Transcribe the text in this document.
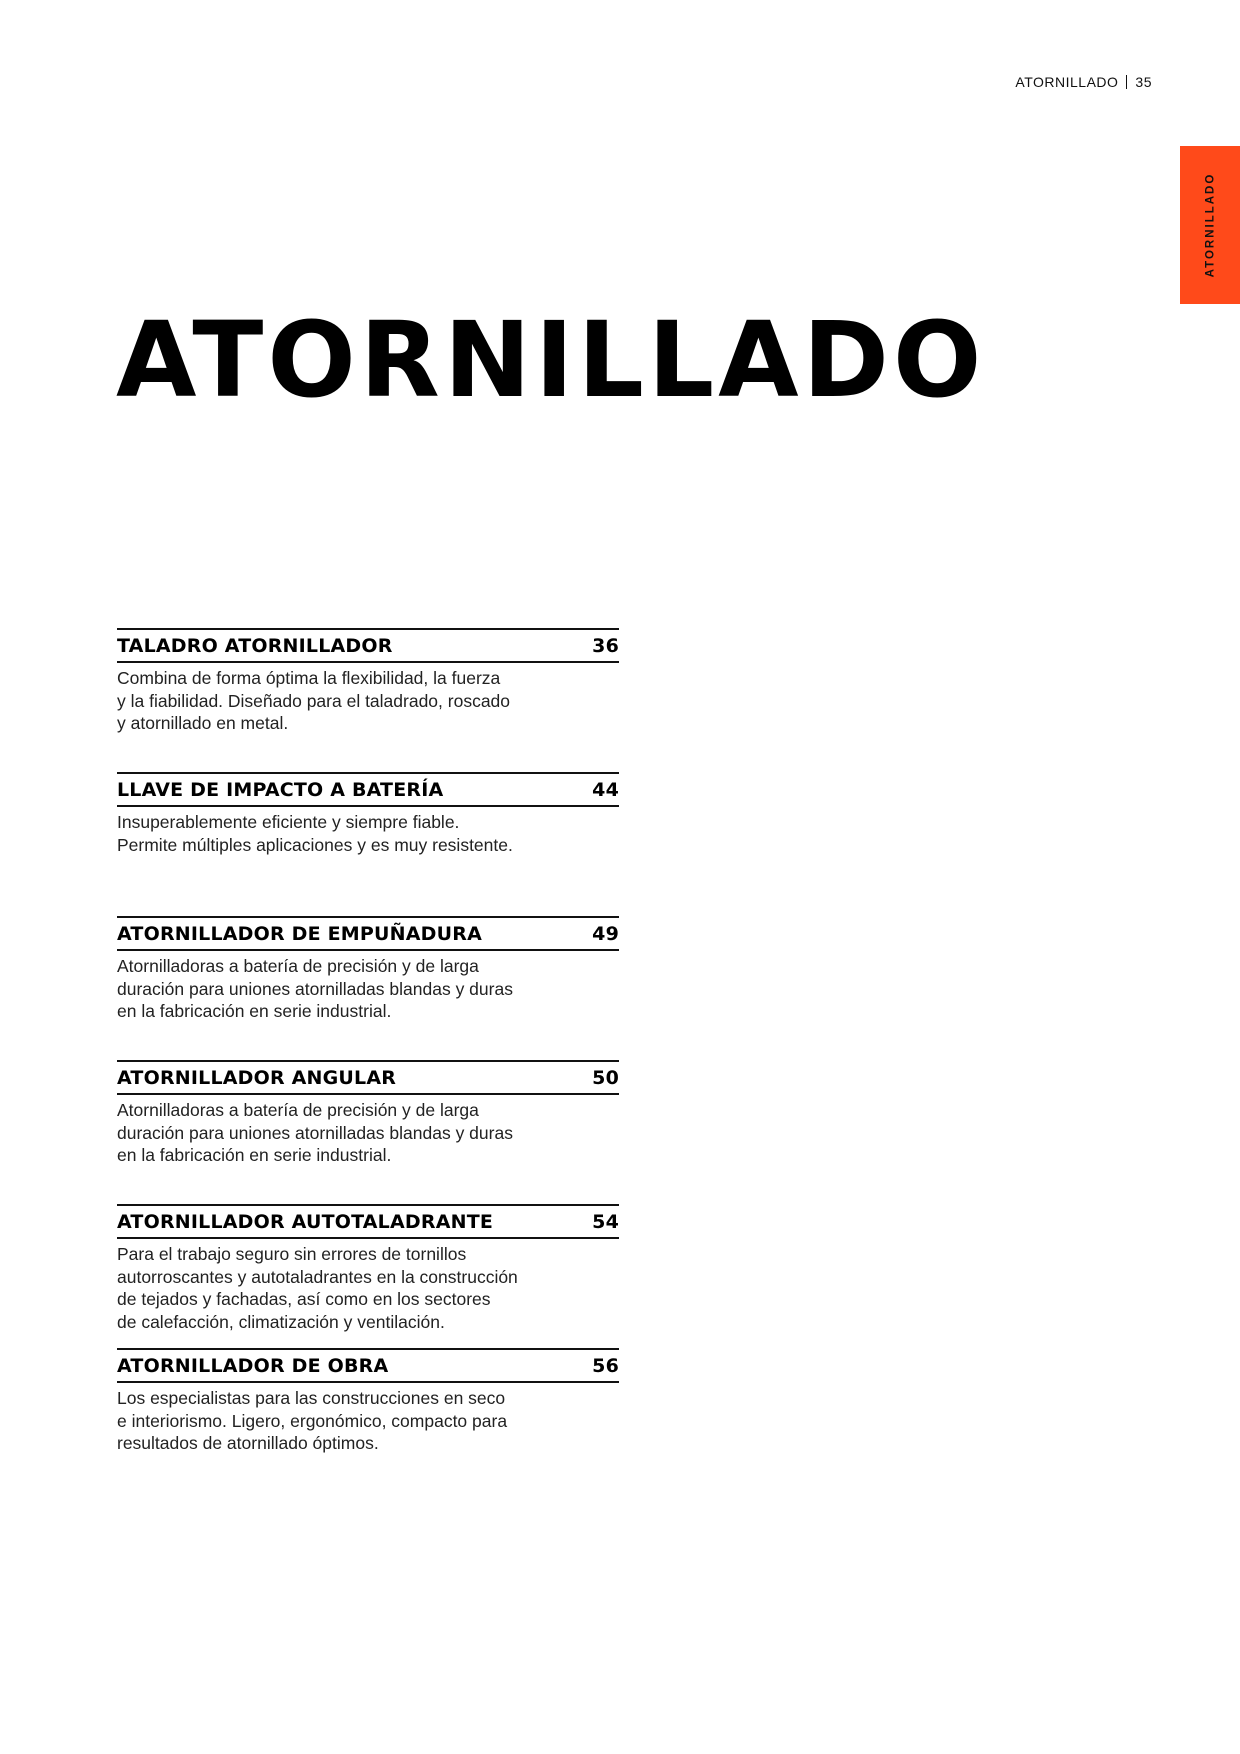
ATORNILLADO 35
ATORNILLADO
ATORNILLADO
TALADRO ATORNILLADOR	36
Combina de forma óptima la flexibilidad, la fuerza
y la fiabilidad. Diseñado para el taladrado, roscado
y atornillado en metal.
LLAVE DE IMPACTO A BATERÍA	44
Insuperablemente eficiente y siempre fiable.
Permite múltiples aplicaciones y es muy resistente.
ATORNILLADOR DE EMPUÑADURA	49
Atornilladoras a batería de precisión y de larga
duración para uniones atornilladas blandas y duras
en la fabricación en serie industrial.
ATORNILLADOR ANGULAR	50
Atornilladoras a batería de precisión y de larga
duración para uniones atornilladas blandas y duras
en la fabricación en serie industrial.
ATORNILLADOR AUTOTALADRANTE	54
Para el trabajo seguro sin errores de tornillos
autorroscantes y autotaladrantes en la construcción
de tejados y fachadas, así como en los sectores
de calefacción, climatización y ventilación.
ATORNILLADOR DE OBRA	56
Los especialistas para las construcciones en seco
e interiorismo. Ligero, ergonómico, compacto para
resultados de atornillado óptimos.
